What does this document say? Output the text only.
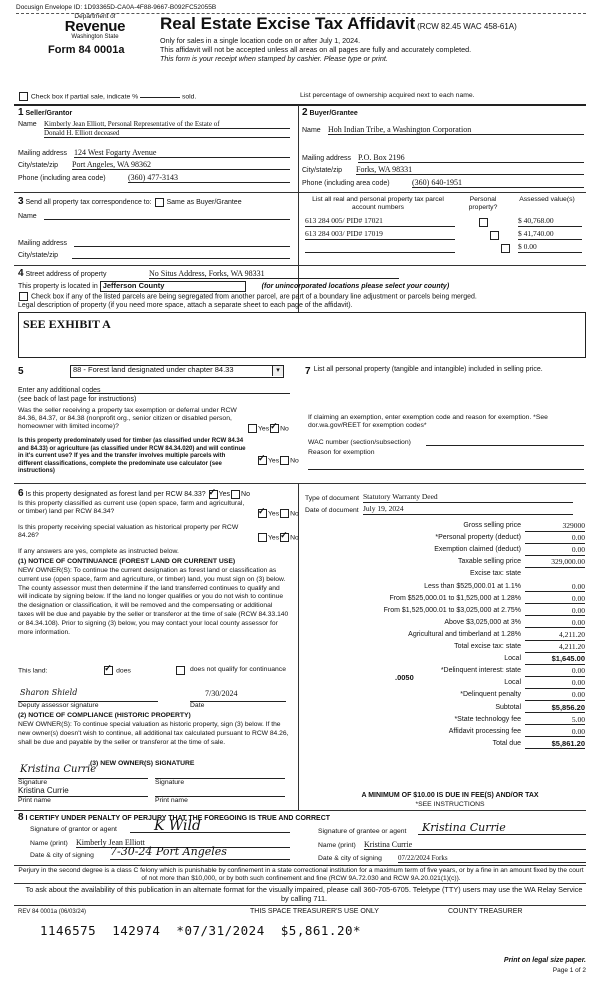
Docusign Envelope ID: 1D93365D-CA0A-4F88-9667-B092FC52055B
Department of
Revenue
Washington State
Form 84 0001a
Real Estate Excise Tax Affidavit (RCW 82.45 WAC 458-61A)
Only for sales in a single location code on or after July 1, 2024.
This affidavit will not be accepted unless all areas on all pages are fully and accurately completed.
This form is your receipt when stamped by cashier. Please type or print.
Check box if partial sale, indicate %	sold.	List percentage of ownership acquired next to each name.
1 Seller/Grantor
Name Kimberly Jean Elliott, Personal Representative of the Estate of
Donald H. Elliott deceased
Mailing address 124 West Fogarty Avenue
City/state/zip Port Angeles, WA 98362
Phone (including area code)	(360) 477-3143
2 Buyer/Grantee
Name Hoh Indian Tribe, a Washington Corporation
Mailing address P.O. Box 2196
City/state/zip Forks, WA 98331
Phone (including area code)	(360) 640-1951
3 Send all property tax correspondence to: Same as Buyer/Grantee
Name
Mailing address
City/state/zip
List all real and personal property tax parcel account numbers
Personal property?
Assessed value(s)
613 284 005/ PID# 17021	$ 40,768.00
613 284 003/ PID# 17019	$ 41,740.00
$ 0.00
4 Street address of property	No Situs Address, Forks, WA 98331
This property is located in Jefferson County	(for unincorporated locations please select your county)
Check box if any of the listed parcels are being segregated from another parcel, are part of a boundary line adjustment or parcels being merged.
Legal description of property (if you need more space, attach a separate sheet to each page of the affidavit).
SEE EXHIBIT A
5	88 - Forest land designated under chapter 84.33	▾
Enter any additional codes
(see back of last page for instructions)
Was the seller receiving a property tax exemption or deferral under RCW 84.36, 84.37, or 84.38 (nonprofit org., senior citizen or disabled person, homeowner with limited income)?	Yes ✓ No
Is this property predominately used for timber (as classified under RCW 84.34 and 84.33) or agriculture (as classified under RCW 84.34.020) and will continue in it's current use? If yes and the transfer involves multiple parcels with different classifications, complete the predominate use calculator (see instructions)
✓Yes No
7 List all personal property (tangible and intangible) included in selling price.
If claiming an exemption, enter exemption code and reason for exemption. *See dor.wa.gov/REET for exemption codes*
WAC number (section/subsection)
Reason for exemption
6 Is this property designated as forest land per RCW 84.33? ✓ Yes No
Is this property classified as current use (open space, farm and agricultural, or timber) land per RCW 84.34? ✓	Yes No
Is this property receiving special valuation as historical property per RCW 84.26?	Yes ✓ No
If any answers are yes, complete as instructed below.
(1) NOTICE OF CONTINUANCE (FOREST LAND OR CURRENT USE)
NEW OWNER(S): To continue the current designation as forest land or classification as current use (open space, farm and agriculture, or timber) land, you must sign on (3) below. The county assessor must then determine if the land transferred continues to qualify and will indicate by signing below. If the land no longer qualifies or you do not wish to continue the designation or classification, it will be removed and the compensating or additional taxes will be due and payable by the seller or transferor at the time of sale (RCW 84.33.140 or 84.34.108). Prior to signing (3) below, you may contact your local county assessor for more information.
This land: ✓	does	does not qualify for continuance
Sharon Shield
Deputy assessor signature
7/30/2024
Date
(2) NOTICE OF COMPLIANCE (HISTORIC PROPERTY)
NEW OWNER(S): To continue special valuation as historic property, sign (3) below. If the new owner(s) doesn't wish to continue, all additional tax calculated pursuant to RCW 84.26, shall be due and payable by the seller or transferor at the time of sale.
(3) NEW OWNER(S) SIGNATURE
Kristina Currie
Signature	Signature
Kristina Currie
Print name	Print name
Type of document Statutory Warranty Deed
Date of document July 19, 2024
Gross selling price	329000
*Personal property (deduct)	0.00
Exemption claimed (deduct)	0.00
Taxable selling price	329,000.00
Excise tax: state
Less than $525,000.01 at 1.1%	0.00
From $525,000.01 to $1,525,000 at 1.28%	0.00
From $1,525,000.01 to $3,025,000 at 2.75%	0.00
Above $3,025,000 at 3%	0.00
Agricultural and timberland at 1.28%	4,211.20
Total excise tax: state	4,211.20
Local	$1,645.00
*Delinquent interest: state	0.00
Local	0.00
*Delinquent penalty	0.00
Subtotal	$5,856.20
*State technology fee	5.00
Affidavit processing fee	0.00
Total due	$5,861.20
.0050
A MINIMUM OF $10.00 IS DUE IN FEE(S) AND/OR TAX
*SEE INSTRUCTIONS
8 I CERTIFY UNDER PENALTY OF PERJURY THAT THE FOREGOING IS TRUE AND CORRECT
Signature of grantor or agent	K Wild
Name (print) Kimberly Jean Elliott
Date & city of signing 7-30-24 Port Angeles
Signature of grantee or agent Kristina Currie
Name (print) Kristina Currie
Date & city of signing 07/22/2024 Forks
Perjury in the second degree is a class C felony which is punishable by confinement in a state correctional institution for a maximum term of five years, or by a fine in an amount fixed by the court of not more than $10,000, or by both such confinement and fine (RCW 9A.72.030 and RCW 9A.20.021(1)(c)).
To ask about the availability of this publication in an alternate format for the visually impaired, please call 360-705-6705. Teletype (TTY) users may use the WA Relay Service by calling 711.
REV 84 0001a (06/03/24)	THIS SPACE TREASURER'S USE ONLY	COUNTY TREASURER
1146575  142974  *07/31/2024  $5,861.20*
Print on legal size paper.
Page 1 of 2
